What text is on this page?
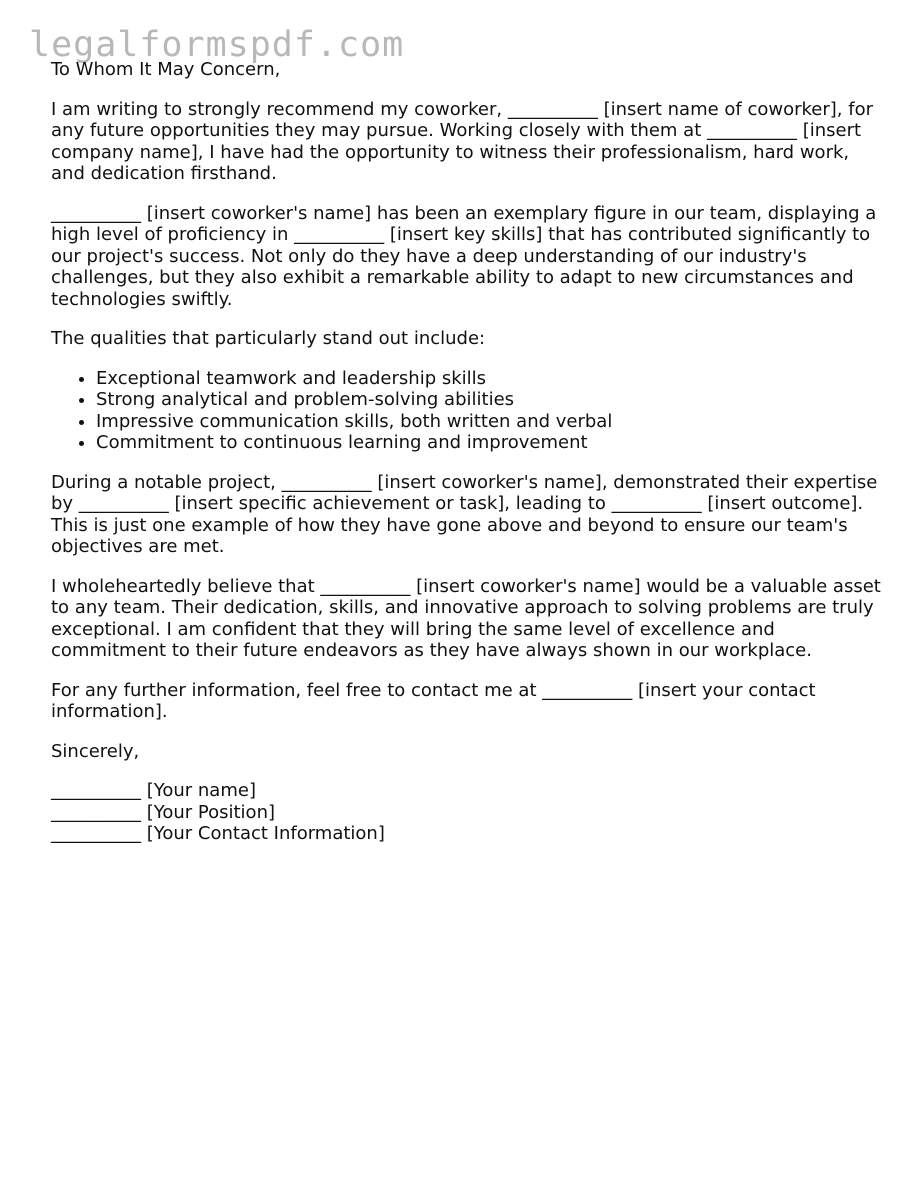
legalformspdf.com

To Whom It May Concern,

I am writing to strongly recommend my coworker, __________ [insert name of coworker], for any future opportunities they may pursue. Working closely with them at __________ [insert company name], I have had the opportunity to witness their professionalism, hard work, and dedication firsthand.

__________ [insert coworker's name] has been an exemplary figure in our team, displaying a high level of proficiency in __________ [insert key skills] that has contributed significantly to our project's success. Not only do they have a deep understanding of our industry's challenges, but they also exhibit a remarkable ability to adapt to new circumstances and technologies swiftly.

The qualities that particularly stand out include:

• Exceptional teamwork and leadership skills
• Strong analytical and problem-solving abilities
• Impressive communication skills, both written and verbal
• Commitment to continuous learning and improvement

During a notable project, __________ [insert coworker's name], demonstrated their expertise by __________ [insert specific achievement or task], leading to __________ [insert outcome]. This is just one example of how they have gone above and beyond to ensure our team's objectives are met.

I wholeheartedly believe that __________ [insert coworker's name] would be a valuable asset to any team. Their dedication, skills, and innovative approach to solving problems are truly exceptional. I am confident that they will bring the same level of excellence and commitment to their future endeavors as they have always shown in our workplace.

For any further information, feel free to contact me at __________ [insert your contact information].

Sincerely,

__________ [Your name]
__________ [Your Position]
__________ [Your Contact Information]
